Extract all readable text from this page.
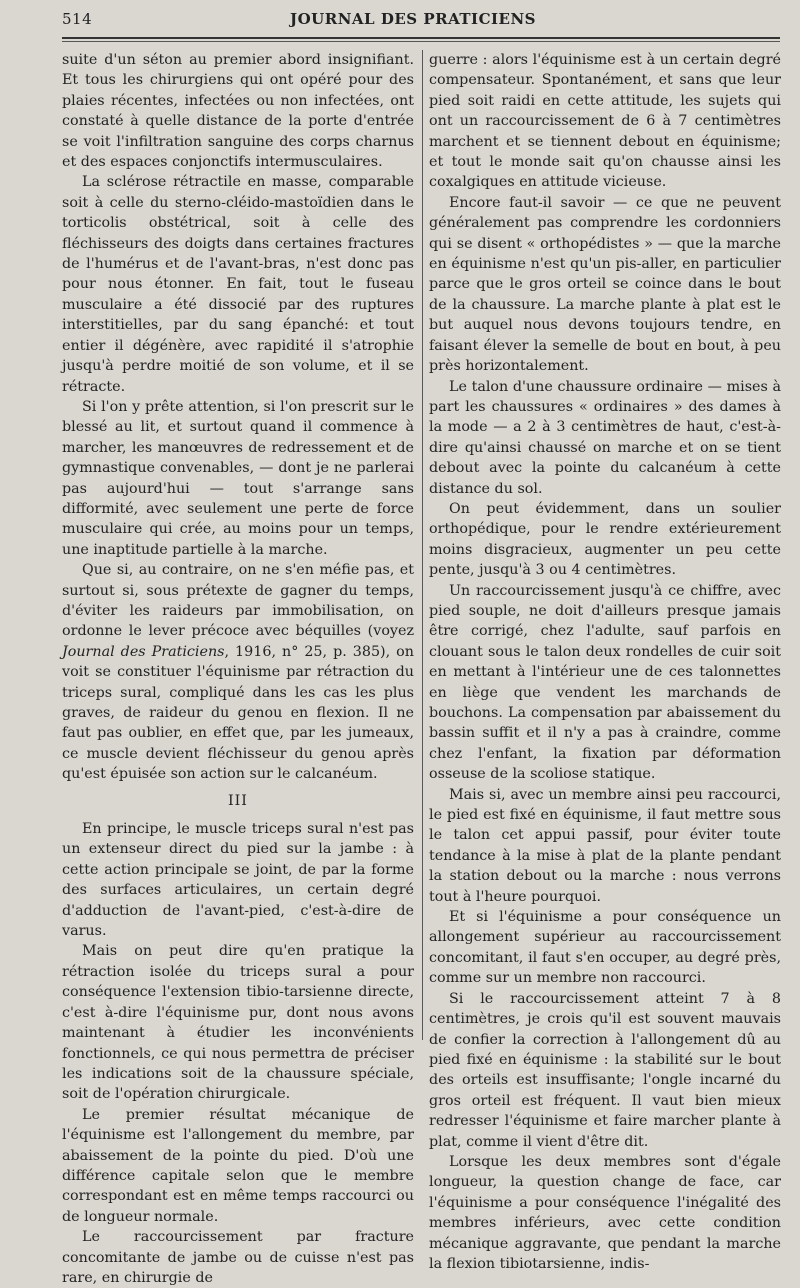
514	JOURNAL DES PRATICIENS

suite d'un séton au premier abord insignifiant. Et tous les chirurgiens qui ont opéré pour des plaies récentes, infectées ou non infectées, ont constaté à quelle distance de la porte d'entrée se voit l'infiltration sanguine des corps charnus et des espaces conjonctifs intermusculaires.

La sclérose rétractile en masse, comparable soit à celle du sterno-cléido-mastoïdien dans le torticolis obstétrical, soit à celle des fléchisseurs des doigts dans certaines fractures de l'humérus et de l'avant-bras, n'est donc pas pour nous étonner. En fait, tout le fuseau musculaire a été dissocié par des ruptures interstitielles, par du sang épanché: et tout entier il dégénère, avec rapidité il s'atrophie jusqu'à perdre moitié de son volume, et il se rétracte.

Si l'on y prête attention, si l'on prescrit sur le blessé au lit, et surtout quand il commence à marcher, les manœuvres de redressement et de gymnastique convenables, — dont je ne parlerai pas aujourd'hui — tout s'arrange sans difformité, avec seulement une perte de force musculaire qui crée, au moins pour un temps, une inaptitude partielle à la marche.

Que si, au contraire, on ne s'en méfie pas, et surtout si, sous prétexte de gagner du temps, d'éviter les raideurs par immobilisation, on ordonne le lever précoce avec béquilles (voyez Journal des Praticiens, 1916, n° 25, p. 385), on voit se constituer l'équinisme par rétraction du triceps sural, compliqué dans les cas les plus graves, de raideur du genou en flexion. Il ne faut pas oublier, en effet que, par les jumeaux, ce muscle devient fléchisseur du genou après qu'est épuisée son action sur le calcanéum.

III

En principe, le muscle triceps sural n'est pas un extenseur direct du pied sur la jambe : à cette action principale se joint, de par la forme des surfaces articulaires, un certain degré d'adduction de l'avant-pied, c'est-à-dire de varus.

Mais on peut dire qu'en pratique la rétraction isolée du triceps sural a pour conséquence l'extension tibio-tarsienne directe, c'est à-dire l'équinisme pur, dont nous avons maintenant à étudier les inconvénients fonctionnels, ce qui nous permettra de préciser les indications soit de la chaussure spéciale, soit de l'opération chirurgicale.

Le premier résultat mécanique de l'équinisme est l'allongement du membre, par abaissement de la pointe du pied. D'où une différence capitale selon que le membre correspondant est en même temps raccourci ou de longueur normale.

Le raccourcissement par fracture concomitante de jambe ou de cuisse n'est pas rare, en chirurgie de

guerre : alors l'équinisme est à un certain degré compensateur. Spontanément, et sans que leur pied soit raidi en cette attitude, les sujets qui ont un raccourcissement de 6 à 7 centimètres marchent et se tiennent debout en équinisme; et tout le monde sait qu'on chausse ainsi les coxalgiques en attitude vicieuse.

Encore faut-il savoir — ce que ne peuvent généralement pas comprendre les cordonniers qui se disent « orthopédistes » — que la marche en équinisme n'est qu'un pis-aller, en particulier parce que le gros orteil se coince dans le bout de la chaussure. La marche plante à plat est le but auquel nous devons toujours tendre, en faisant élever la semelle de bout en bout, à peu près horizontalement.

Le talon d'une chaussure ordinaire — mises à part les chaussures « ordinaires » des dames à la mode — a 2 à 3 centimètres de haut, c'est-à-dire qu'ainsi chaussé on marche et on se tient debout avec la pointe du calcanéum à cette distance du sol.

On peut évidemment, dans un soulier orthopédique, pour le rendre extérieurement moins disgracieux, augmenter un peu cette pente, jusqu'à 3 ou 4 centimètres.

Un raccourcissement jusqu'à ce chiffre, avec pied souple, ne doit d'ailleurs presque jamais être corrigé, chez l'adulte, sauf parfois en clouant sous le talon deux rondelles de cuir soit en mettant à l'intérieur une de ces talonnettes en liège que vendent les marchands de bouchons. La compensation par abaissement du bassin suffit et il n'y a pas à craindre, comme chez l'enfant, la fixation par déformation osseuse de la scoliose statique.

Mais si, avec un membre ainsi peu raccourci, le pied est fixé en équinisme, il faut mettre sous le talon cet appui passif, pour éviter toute tendance à la mise à plat de la plante pendant la station debout ou la marche : nous verrons tout à l'heure pourquoi.

Et si l'équinisme a pour conséquence un allongement supérieur au raccourcissement concomitant, il faut s'en occuper, au degré près, comme sur un membre non raccourci.

Si le raccourcissement atteint 7 à 8 centimètres, je crois qu'il est souvent mauvais de confier la correction à l'allongement dû au pied fixé en équinisme : la stabilité sur le bout des orteils est insuffisante; l'ongle incarné du gros orteil est fréquent. Il vaut bien mieux redresser l'équinisme et faire marcher plante à plat, comme il vient d'être dit.

Lorsque les deux membres sont d'égale longueur, la question change de face, car l'équinisme a pour conséquence l'inégalité des membres inférieurs, avec cette condition mécanique aggravante, que pendant la marche la flexion tibiotarsienne, indis-
